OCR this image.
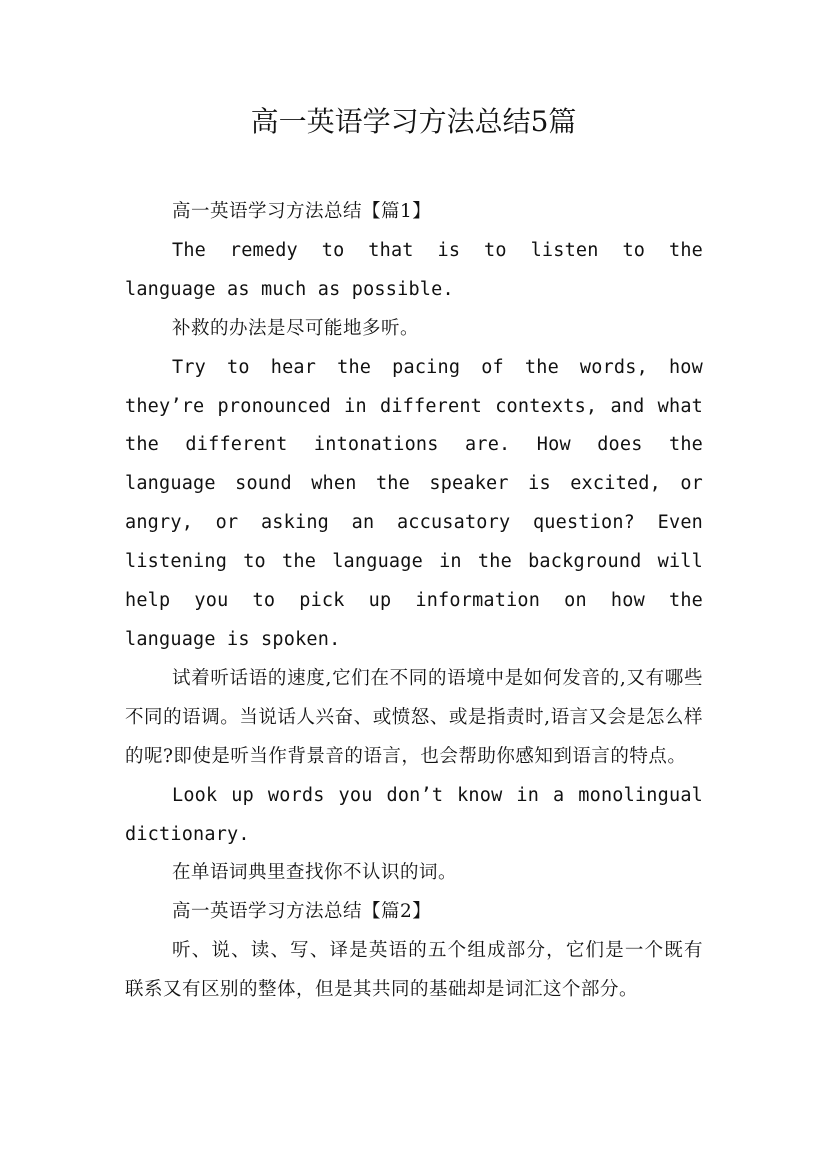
高一英语学习方法总结5篇

高一英语学习方法总结【篇1】

The remedy to that is to listen to the language as much as possible.

补救的办法是尽可能地多听。

Try to hear the pacing of the words, how they’re pronounced in different contexts, and what the different intonations are. How does the language sound when the speaker is excited, or angry, or asking an accusatory question? Even listening to the language in the background will help you to pick up information on how the language is spoken.

试着听话语的速度,它们在不同的语境中是如何发音的,又有哪些不同的语调。当说话人兴奋、或愤怒、或是指责时,语言又会是怎么样的呢?即使是听当作背景音的语言，也会帮助你感知到语言的特点。

Look up words you don’t know in a monolingual dictionary.

在单语词典里查找你不认识的词。

高一英语学习方法总结【篇2】

听、说、读、写、译是英语的五个组成部分，它们是一个既有联系又有区别的整体，但是其共同的基础却是词汇这个部分。
